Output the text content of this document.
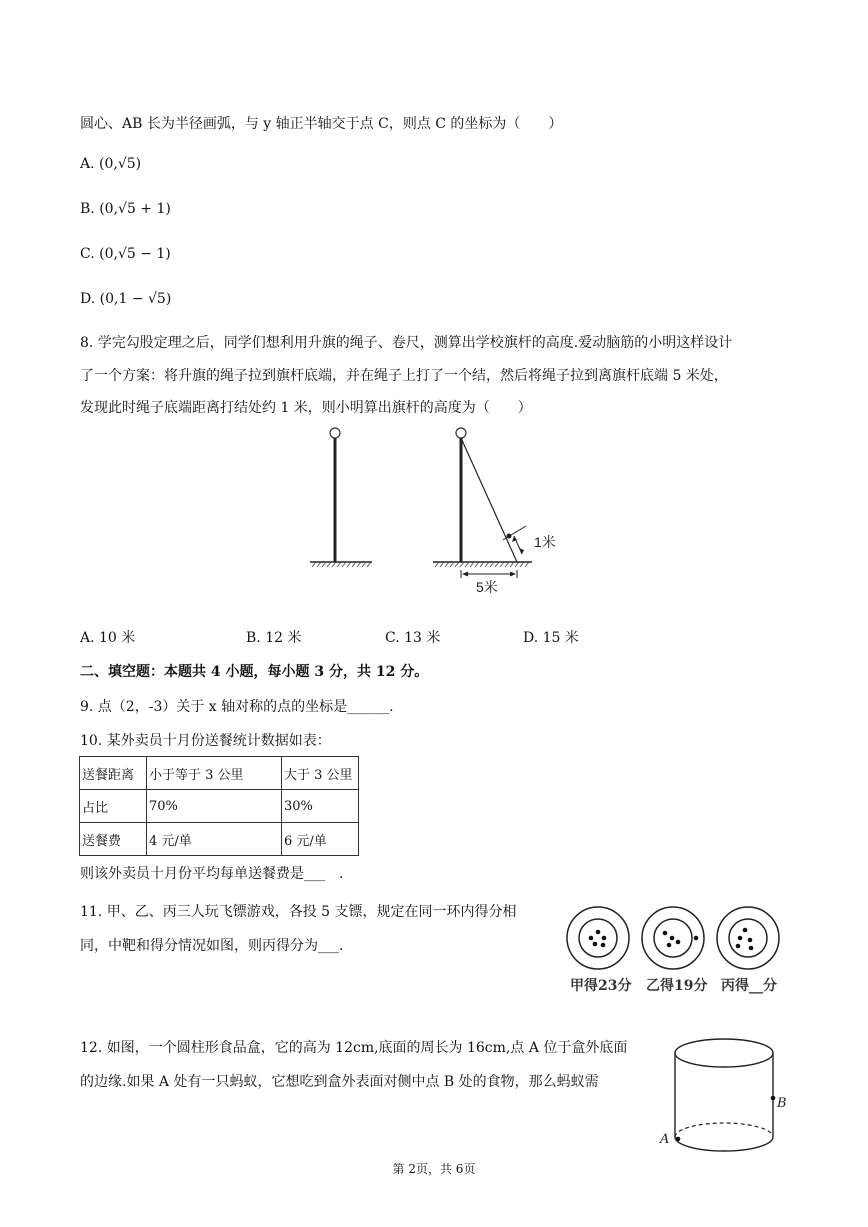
圆心、AB 长为半径画弧，与 y 轴正半轴交于点 C，则点 C 的坐标为（　　）
A. (0,√5)
B. (0,√5 + 1)
C. (0,√5 − 1)
D. (0,1 − √5)
8. 学完勾股定理之后，同学们想利用升旗的绳子、卷尺，测算出学校旗杆的高度.爱动脑筋的小明这样设计
了一个方案：将升旗的绳子拉到旗杆底端，并在绳子上打了一个结，然后将绳子拉到离旗杆底端 5 米处，
发现此时绳子底端距离打结处约 1 米，则小明算出旗杆的高度为（　　）
1米
5米
A. 10 米	B. 12 米	C. 13 米	D. 15 米
二、填空题：本题共 4 小题，每小题 3 分，共 12 分。
9. 点（2，-3）关于 x 轴对称的点的坐标是______.
10. 某外卖员十月份送餐统计数据如表：
送餐距离	小于等于 3 公里	大于 3 公里
占比	70%	30%
送餐费	4 元/单	6 元/单
则该外卖员十月份平均每单送餐费是___　.
11. 甲、乙、丙三人玩飞镖游戏，各投 5 支镖，规定在同一环内得分相
同，中靶和得分情况如图，则丙得分为___.
甲得23分 乙得19分 丙得__分
12. 如图，一个圆柱形食品盒，它的高为 12cm,底面的周长为 16cm,点 A 位于盒外底面
的边缘.如果 A 处有一只蚂蚁，它想吃到盒外表面对侧中点 B 处的食物，那么蚂蚁需
A
B
第 2页，共 6页
